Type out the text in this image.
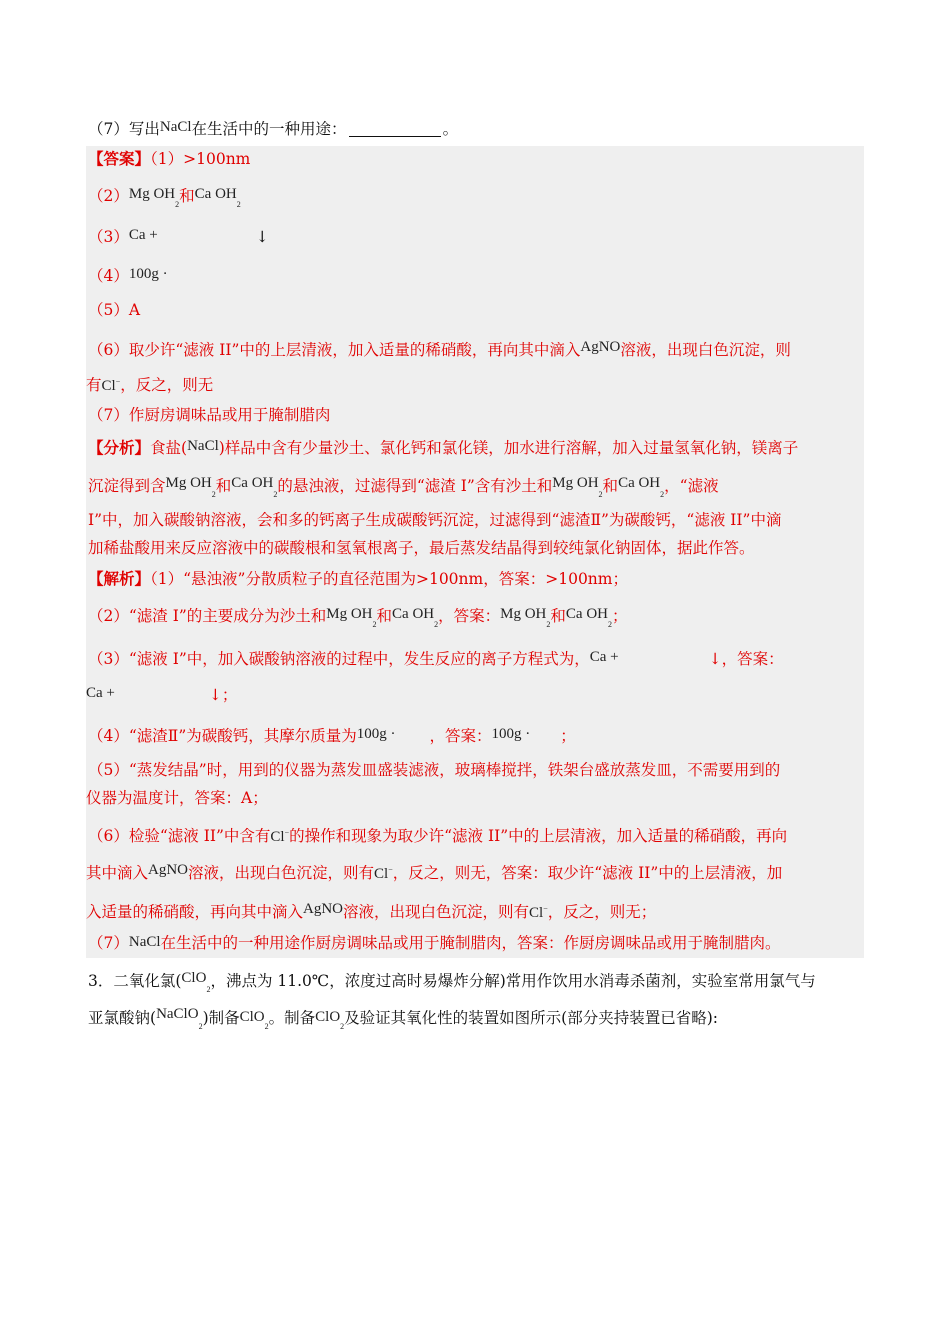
（7）写出NaCl在生活中的一种用途：	。
【答案】（1）>100nm
（2）Mg $OH_2$和Ca $OH_2$
（3）Ca +	↓
（4）100g ·
（5）A
（6）取少许“滤液 II”中的上层清液，加入适量的稀硝酸，再向其中滴入AgNO溶液，出现白色沉淀，则
有Cl−，反之，则无
（7）作厨房调味品或用于腌制腊肉
【分析】食盐(NaCl)样品中含有少量沙土、氯化钙和氯化镁，加水进行溶解，加入过量氢氧化钠，镁离子
沉淀得到含Mg $OH_2$和Ca $OH_2$的悬浊液，过滤得到“滤渣 I”含有沙土和Mg $OH_2$和Ca $OH_2$，“滤液
I”中，加入碳酸钠溶液，会和多的钙离子生成碳酸钙沉淀，过滤得到“滤渣Ⅱ”为碳酸钙，“滤液 II”中滴
加稀盐酸用来反应溶液中的碳酸根和氢氧根离子，最后蒸发结晶得到较纯氯化钠固体，据此作答。
【解析】（1）“悬浊液”分散质粒子的直径范围为>100nm，答案：>100nm；
（2）“滤渣 I”的主要成分为沙土和Mg $OH_2$和Ca $OH_2$，答案：Mg $OH_2$和Ca $OH_2$；
（3）“滤液 I”中，加入碳酸钠溶液的过程中，发生反应的离子方程式为，Ca +	↓，答案：
Ca +	↓；
（4）“滤渣Ⅱ”为碳酸钙，其摩尔质量为100g · ，答案：100g · ；
（5）“蒸发结晶”时，用到的仪器为蒸发皿盛装滤液，玻璃棒搅拌，铁架台盛放蒸发皿，不需要用到的
仪器为温度计，答案：A；
（6）检验“滤液 II”中含有Cl−的操作和现象为取少许“滤液 II”中的上层清液，加入适量的稀硝酸，再向
其中滴入AgNO溶液，出现白色沉淀，则有Cl−，反之，则无，答案：取少许“滤液 II”中的上层清液，加
入适量的稀硝酸，再向其中滴入AgNO溶液，出现白色沉淀，则有Cl−，反之，则无；
（7）NaCl在生活中的一种用途作厨房调味品或用于腌制腊肉，答案：作厨房调味品或用于腌制腊肉。
3．二氧化氯(ClO$_2$，沸点为 11.0℃，浓度过高时易爆炸分解)常用作饮用水消毒杀菌剂，实验室常用氯气与
亚氯酸钠(NaClO$_2$)制备ClO$_2$。制备ClO$_2$及验证其氧化性的装置如图所示(部分夹持装置已省略):
